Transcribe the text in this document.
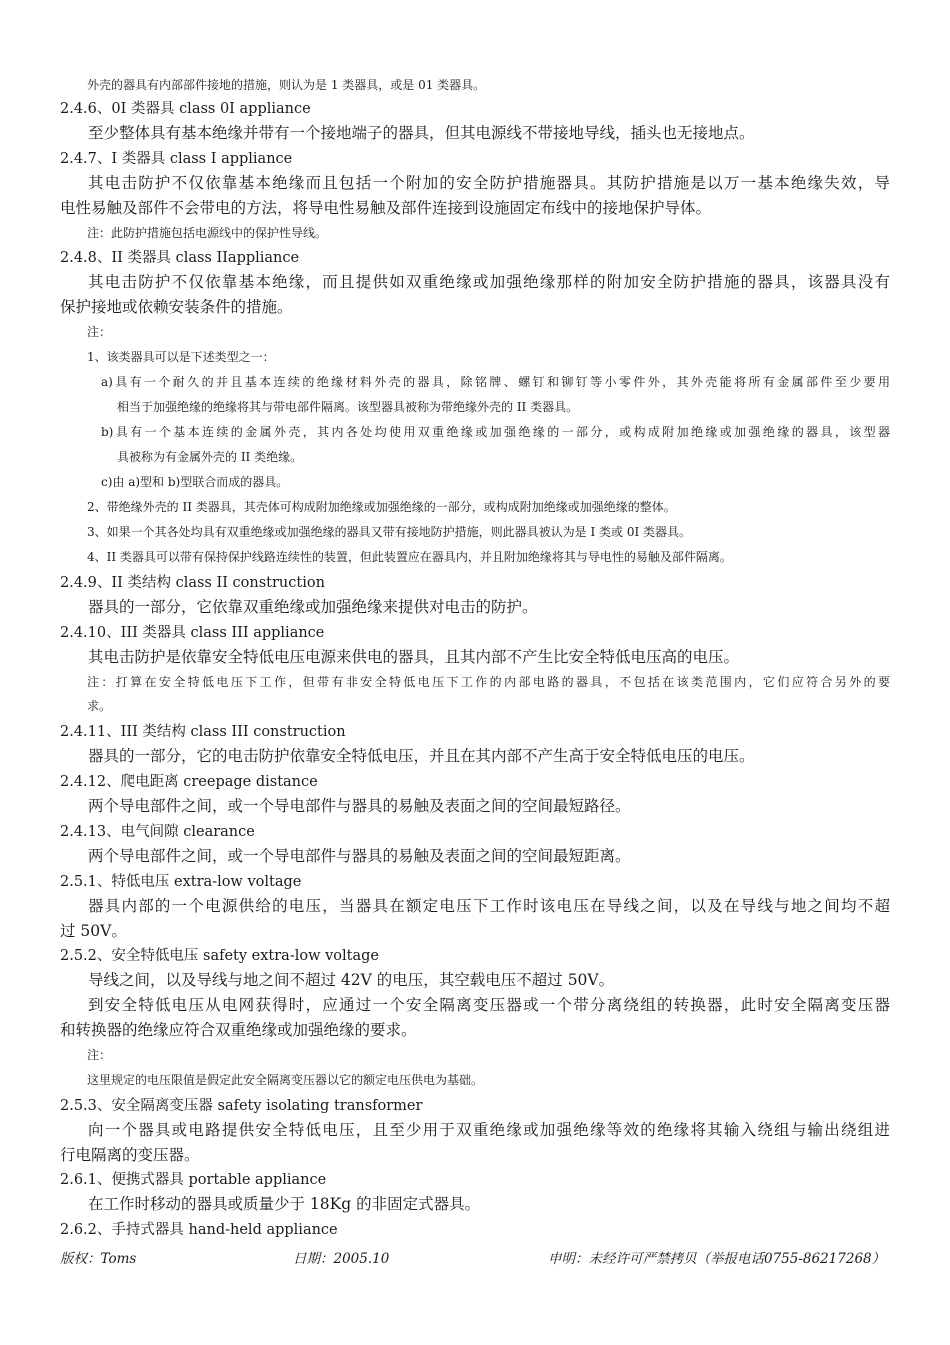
外壳的器具有内部部件接地的措施，则认为是 1 类器具，或是 01 类器具。
2.4.6、0I 类器具 class 0I appliance
至少整体具有基本绝缘并带有一个接地端子的器具，但其电源线不带接地导线，插头也无接地点。
2.4.7、I 类器具 class I appliance
其电击防护不仅依靠基本绝缘而且包括一个附加的安全防护措施器具。其防护措施是以万一基本绝缘失效，导
电性易触及部件不会带电的方法，将导电性易触及部件连接到设施固定布线中的接地保护导体。
注：此防护措施包括电源线中的保护性导线。
2.4.8、II 类器具 class IIappliance
其电击防护不仅依靠基本绝缘，而且提供如双重绝缘或加强绝缘那样的附加安全防护措施的器具，该器具没有
保护接地或依赖安装条件的措施。
注：
1、该类器具可以是下述类型之一：
a)具有一个耐久的并且基本连续的绝缘材料外壳的器具，除铭牌、螺钉和铆钉等小零件外，其外壳能将所有金属部件至少要用
相当于加强绝缘的绝缘将其与带电部件隔离。该型器具被称为带绝缘外壳的 II 类器具。
b)具有一个基本连续的金属外壳，其内各处均使用双重绝缘或加强绝缘的一部分，或构成附加绝缘或加强绝缘的器具，该型器
具被称为有金属外壳的 II 类绝缘。
c)由 a)型和 b)型联合而成的器具。
2、带绝缘外壳的 II 类器具，其壳体可构成附加绝缘或加强绝缘的一部分，或构成附加绝缘或加强绝缘的整体。
3、如果一个其各处均具有双重绝缘或加强绝缘的器具又带有接地防护措施，则此器具被认为是 I 类或 0I 类器具。
4、II 类器具可以带有保持保护线路连续性的装置，但此装置应在器具内，并且附加绝缘将其与导电性的易触及部件隔离。
2.4.9、II 类结构 class II construction
器具的一部分，它依靠双重绝缘或加强绝缘来提供对电击的防护。
2.4.10、III 类器具 class III appliance
其电击防护是依靠安全特低电压电源来供电的器具，且其内部不产生比安全特低电压高的电压。
注：打算在安全特低电压下工作，但带有非安全特低电压下工作的内部电路的器具，不包括在该类范围内，它们应符合另外的要
求。
2.4.11、III 类结构 class III construction
器具的一部分，它的电击防护依靠安全特低电压，并且在其内部不产生高于安全特低电压的电压。
2.4.12、爬电距离 creepage distance
两个导电部件之间，或一个导电部件与器具的易触及表面之间的空间最短路径。
2.4.13、电气间隙 clearance
两个导电部件之间，或一个导电部件与器具的易触及表面之间的空间最短距离。
2.5.1、特低电压 extra-low voltage
器具内部的一个电源供给的电压，当器具在额定电压下工作时该电压在导线之间，以及在导线与地之间均不超
过 50V。
2.5.2、安全特低电压 safety extra-low voltage
导线之间，以及导线与地之间不超过 42V 的电压，其空载电压不超过 50V。
到安全特低电压从电网获得时，应通过一个安全隔离变压器或一个带分离绕组的转换器，此时安全隔离变压器
和转换器的绝缘应符合双重绝缘或加强绝缘的要求。
注：
这里规定的电压限值是假定此安全隔离变压器以它的额定电压供电为基础。
2.5.3、安全隔离变压器 safety isolating transformer
向一个器具或电路提供安全特低电压，且至少用于双重绝缘或加强绝缘等效的绝缘将其输入绕组与输出绕组进
行电隔离的变压器。
2.6.1、便携式器具 portable appliance
在工作时移动的器具或质量少于 18Kg 的非固定式器具。
2.6.2、手持式器具 hand-held appliance
版权：Toms	日期：2005.10	申明：未经许可严禁拷贝（举报电话0755-86217268）
